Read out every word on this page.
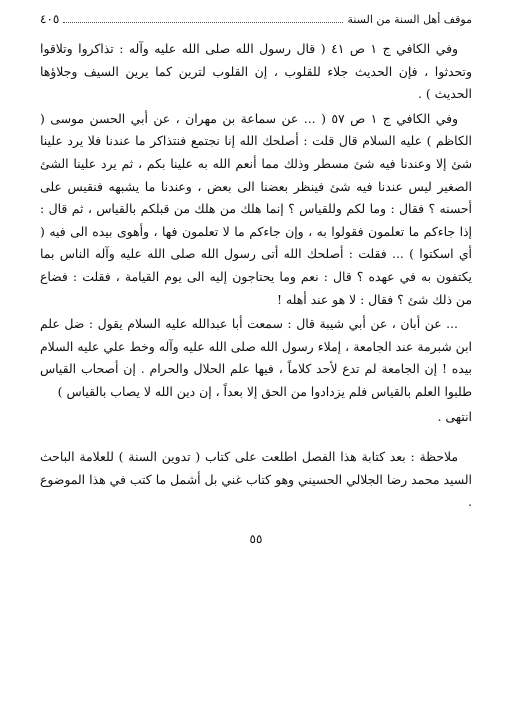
موقف أهل السنة من السنة
٤٠٥

وفي الكافي ج ١ ص ٤١ ( قال رسول الله صلى الله عليه وآله : تذاكروا وتلاقوا وتحدثوا ، فإن الحديث جلاء للقلوب ، إن القلوب لترين كما يرين السيف وجلاؤها الحديث ) .

وفي الكافي ج ١ ص ٥٧ ( ... عن سماعة بن مهران ، عن أبي الحسن موسى ( الكاظم ) عليه السلام قال قلت : أصلحك الله إنا نجتمع فنتذاكر ما عندنا فلا يرد علينا شئ إلا وعندنا فيه شئ مسطر وذلك مما أنعم الله به علينا بكم ، ثم يرد علينا الشئ الصغير ليس عندنا فيه شئ فينظر بعضنا الى بعض ، وعندنا ما يشبهه فنقيس على أحسنه ؟ فقال : وما لكم وللقياس ؟ إنما هلك من هلك من قبلكم بالقياس ، ثم قال : إذا جاءكم ما تعلمون فقولوا به ، وإن جاءكم ما لا تعلمون فها ، وأهوى بيده الى فيه ( أي اسكتوا ) ... فقلت : أصلحك الله أتى رسول الله صلى الله عليه وآله الناس بما يكتفون به في عهده ؟ قال : نعم وما يحتاجون إليه الى يوم القيامة ، فقلت : فضاع من ذلك شئ ؟ فقال : لا هو عند أهله !

... عن أبان ، عن أبي شيبة قال : سمعت أبا عبدالله عليه السلام يقول : ضل علم ابن شبرمة عند الجامعة ، إملاء رسول الله صلى الله عليه وآله وخط علي عليه السلام بيده ! إن الجامعة لم تدع لأحد كلاماً ، فيها علم الحلال والحرام . إن أصحاب القياس طلبوا العلم بالقياس فلم يزدادوا من الحق إلا بعداً ، إن دين الله لا يصاب بالقياس )

انتهى .

ملاحظة : بعد كتابة هذا الفصل اطلعت على كتاب ( تدوين السنة ) للعلامة الباحث السيد محمد رضا الجلالي الحسيني وهو كتاب غني بل أشمل ما كتب في هذا الموضوع .

٥٥
